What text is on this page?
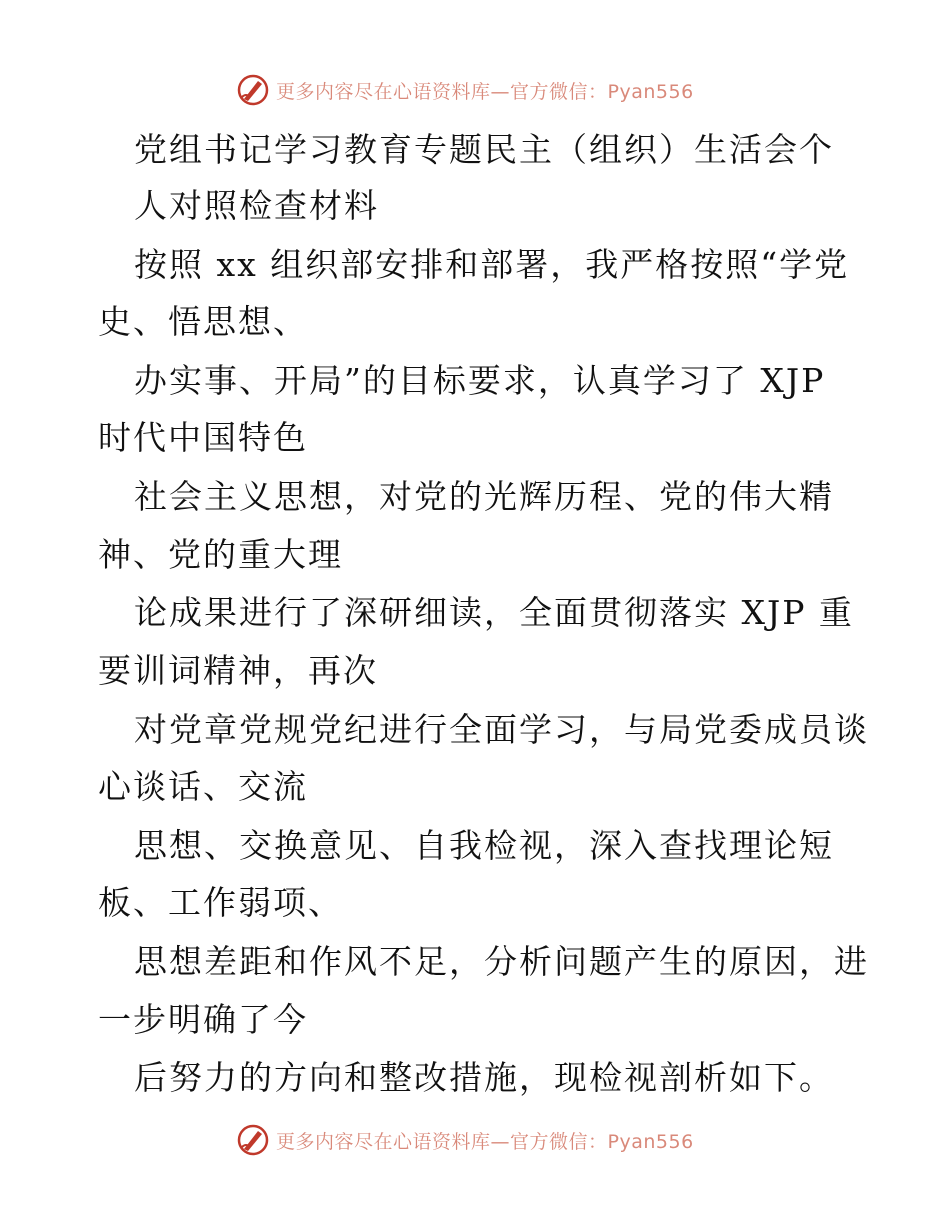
更多内容尽在心语资料库—官方微信：Pyan556
党组书记学习教育专题民主（组织）生活会个
人对照检查材料
按照 xx 组织部安排和部署，我严格按照“学党
史、悟思想、
办实事、开局”的目标要求，认真学习了 XJP
时代中国特色
社会主义思想，对党的光辉历程、党的伟大精
神、党的重大理
论成果进行了深研细读，全面贯彻落实 XJP 重
要训词精神，再次
对党章党规党纪进行全面学习，与局党委成员谈
心谈话、交流
思想、交换意见、自我检视，深入查找理论短
板、工作弱项、
思想差距和作风不足，分析问题产生的原因，进
一步明确了今
后努力的方向和整改措施，现检视剖析如下。
更多内容尽在心语资料库—官方微信：Pyan556
